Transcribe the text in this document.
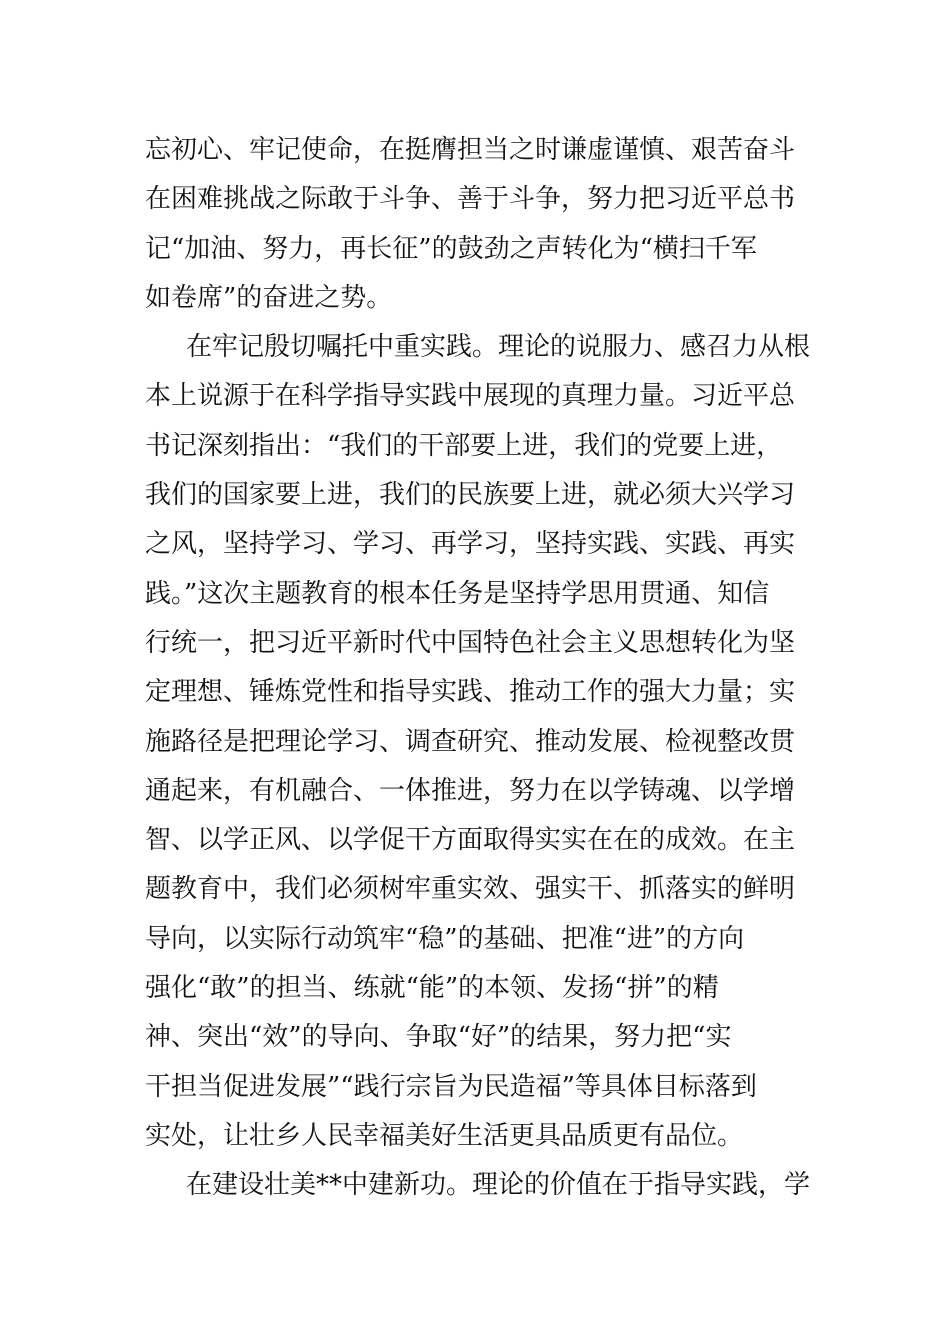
忘初心、牢记使命，在挺膺担当之时谦虚谨慎、艰苦奋斗
在困难挑战之际敢于斗争、善于斗争，努力把习近平总书
记“加油、努力，再长征”的鼓劲之声转化为“横扫千军
如卷席”的奋进之势。
在牢记殷切嘱托中重实践。理论的说服力、感召力从根
本上说源于在科学指导实践中展现的真理力量。习近平总
书记深刻指出：“我们的干部要上进，我们的党要上进，
我们的国家要上进，我们的民族要上进，就必须大兴学习
之风，坚持学习、学习、再学习，坚持实践、实践、再实
践。”这次主题教育的根本任务是坚持学思用贯通、知信
行统一，把习近平新时代中国特色社会主义思想转化为坚
定理想、锤炼党性和指导实践、推动工作的强大力量；实
施路径是把理论学习、调查研究、推动发展、检视整改贯
通起来，有机融合、一体推进，努力在以学铸魂、以学增
智、以学正风、以学促干方面取得实实在在的成效。在主
题教育中，我们必须树牢重实效、强实干、抓落实的鲜明
导向，以实际行动筑牢“稳”的基础、把准“进”的方向
强化“敢”的担当、练就“能”的本领、发扬“拼”的精
神、突出“效”的导向、争取“好”的结果，努力把“实
干担当促进发展”“践行宗旨为民造福”等具体目标落到
实处，让壮乡人民幸福美好生活更具品质更有品位。
在建设壮美**中建新功。理论的价值在于指导实践，学
